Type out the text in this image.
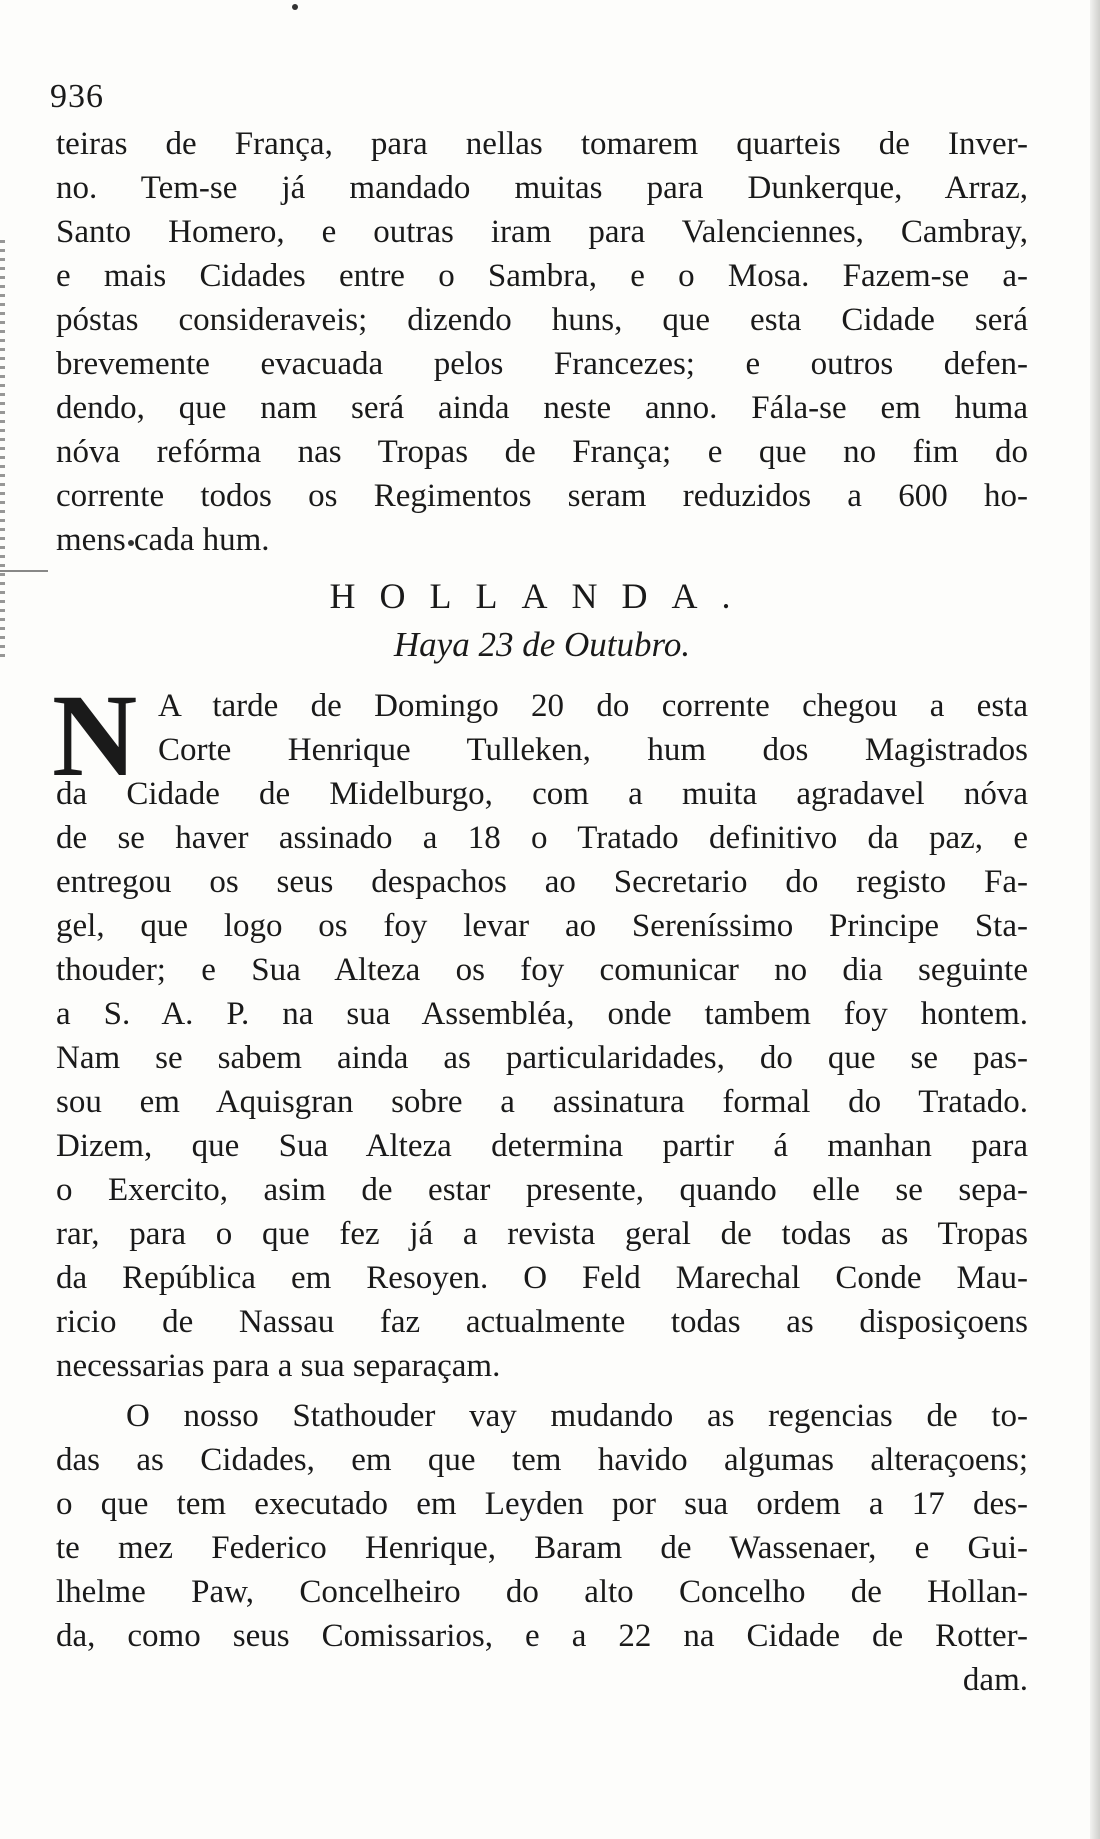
936
teiras de França, para nellas tomarem quarteis de Inver-
no. Tem-se já mandado muitas para Dunkerque, Arraz,
Santo Homero, e outras iram para Valenciennes, Cambray,
e mais Cidades entre o Sambra, e o Mosa. Fazem-se a-
póstas consideraveis; dizendo huns, que esta Cidade será
brevemente evacuada pelos Francezes; e outros defen-
dendo, que nam será ainda neste anno. Fála-se em huma
nóva refórma nas Tropas de França; e que no fim do
corrente todos os Regimentos seram reduzidos a 600 ho-
mens cada hum.
HOLLANDA.
Haya 23 de Outubro.
N A tarde de Domingo 20 do corrente chegou a esta
Corte Henrique Tulleken, hum dos Magistrados
da Cidade de Midelburgo, com a muita agradavel nóva
de se haver assinado a 18 o Tratado definitivo da paz, e
entregou os seus despachos ao Secretario do registo Fa-
gel, que logo os foy levar ao Sereníssimo Principe Sta-
thouder; e Sua Alteza os foy comunicar no dia seguinte
a S. A. P. na sua Assembléa, onde tambem foy hontem.
Nam se sabem ainda as particularidades, do que se pas-
sou em Aquisgran sobre a assinatura formal do Tratado.
Dizem, que Sua Alteza determina partir á manhan para
o Exercito, asim de estar presente, quando elle se sepa-
rar, para o que fez já a revista geral de todas as Tropas
da República em Resoyen. O Feld Marechal Conde Mau-
ricio de Nassau faz actualmente todas as disposiçoens
necessarias para a sua separaçam.
O nosso Stathouder vay mudando as regencias de to-
das as Cidades, em que tem havido algumas alteraçoens;
o que tem executado em Leyden por sua ordem a 17 des-
te mez Federico Henrique, Baram de Wassenaer, e Gui-
lhelme Paw, Concelheiro do alto Concelho de Hollan-
da, como seus Comissarios, e a 22 na Cidade de Rotter-
dam.
